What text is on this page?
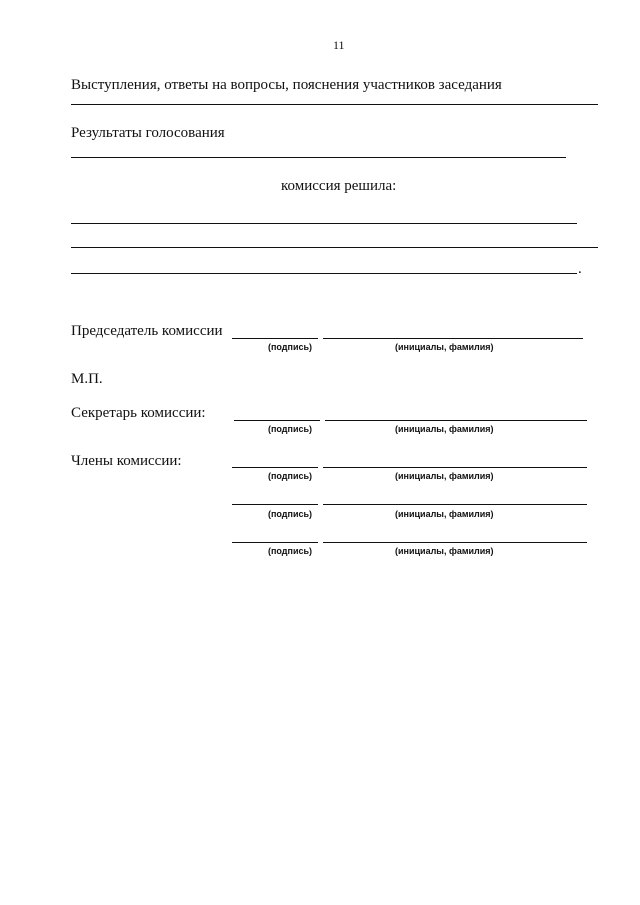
11
Выступления, ответы на вопросы, пояснения участников заседания
Результаты голосования
комиссия решила:
.
Председатель комиссии
(подпись)	(инициалы, фамилия)
М.П.
Секретарь комиссии:
(подпись)	(инициалы, фамилия)
Члены комиссии:
(подпись)	(инициалы, фамилия)
(подпись)	(инициалы, фамилия)
(подпись)	(инициалы, фамилия)
